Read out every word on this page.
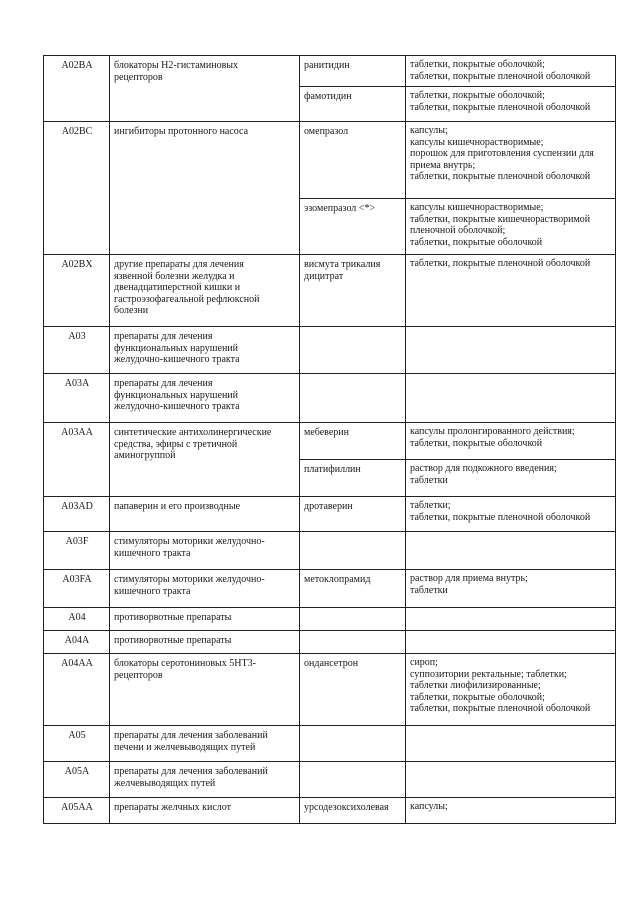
A02BA	блокаторы H2-гистаминовых
рецепторов	ранитидин	таблетки, покрытые оболочкой;
таблетки, покрытые пленочной оболочкой
		фамотидин	таблетки, покрытые оболочкой;
таблетки, покрытые пленочной оболочкой
A02BC	ингибиторы протонного насоса	омепразол	капсулы;
капсулы кишечнорастворимые;
порошок для приготовления суспензии для
приема внутрь;
таблетки, покрытые пленочной оболочкой
		эзомепразол <*>	капсулы кишечнорастворимые;
таблетки, покрытые кишечнорастворимой
пленочной оболочкой;
таблетки, покрытые оболочкой
A02BX	другие препараты для лечения
язвенной болезни желудка и
двенадцатиперстной кишки и
гастроэзофагеальной рефлюксной
болезни	висмута трикалия
дицитрат	таблетки, покрытые пленочной оболочкой
A03	препараты для лечения
функциональных нарушений
желудочно-кишечного тракта		
A03A	препараты для лечения
функциональных нарушений
желудочно-кишечного тракта		
A03AA	синтетические антихолинергические
средства, эфиры с третичной
аминогруппой	мебеверин	капсулы пролонгированного действия;
таблетки, покрытые оболочкой
		платифиллин	раствор для подкожного введения;
таблетки
A03AD	папаверин и его производные	дротаверин	таблетки;
таблетки, покрытые пленочной оболочкой
A03F	стимуляторы моторики желудочно-
кишечного тракта		
A03FA	стимуляторы моторики желудочно-
кишечного тракта	метоклопрамид	раствор для приема внутрь;
таблетки
A04	противорвотные препараты		
A04A	противорвотные препараты		
A04AA	блокаторы серотониновых 5HT3-
рецепторов	ондансетрон	сироп;
суппозитории ректальные; таблетки;
таблетки лиофилизированные;
таблетки, покрытые оболочкой;
таблетки, покрытые пленочной оболочкой
A05	препараты для лечения заболеваний
печени и желчевыводящих путей		
A05A	препараты для лечения заболеваний
желчевыводящих путей		
A05AA	препараты желчных кислот	урсодезоксихолевая	капсулы;
